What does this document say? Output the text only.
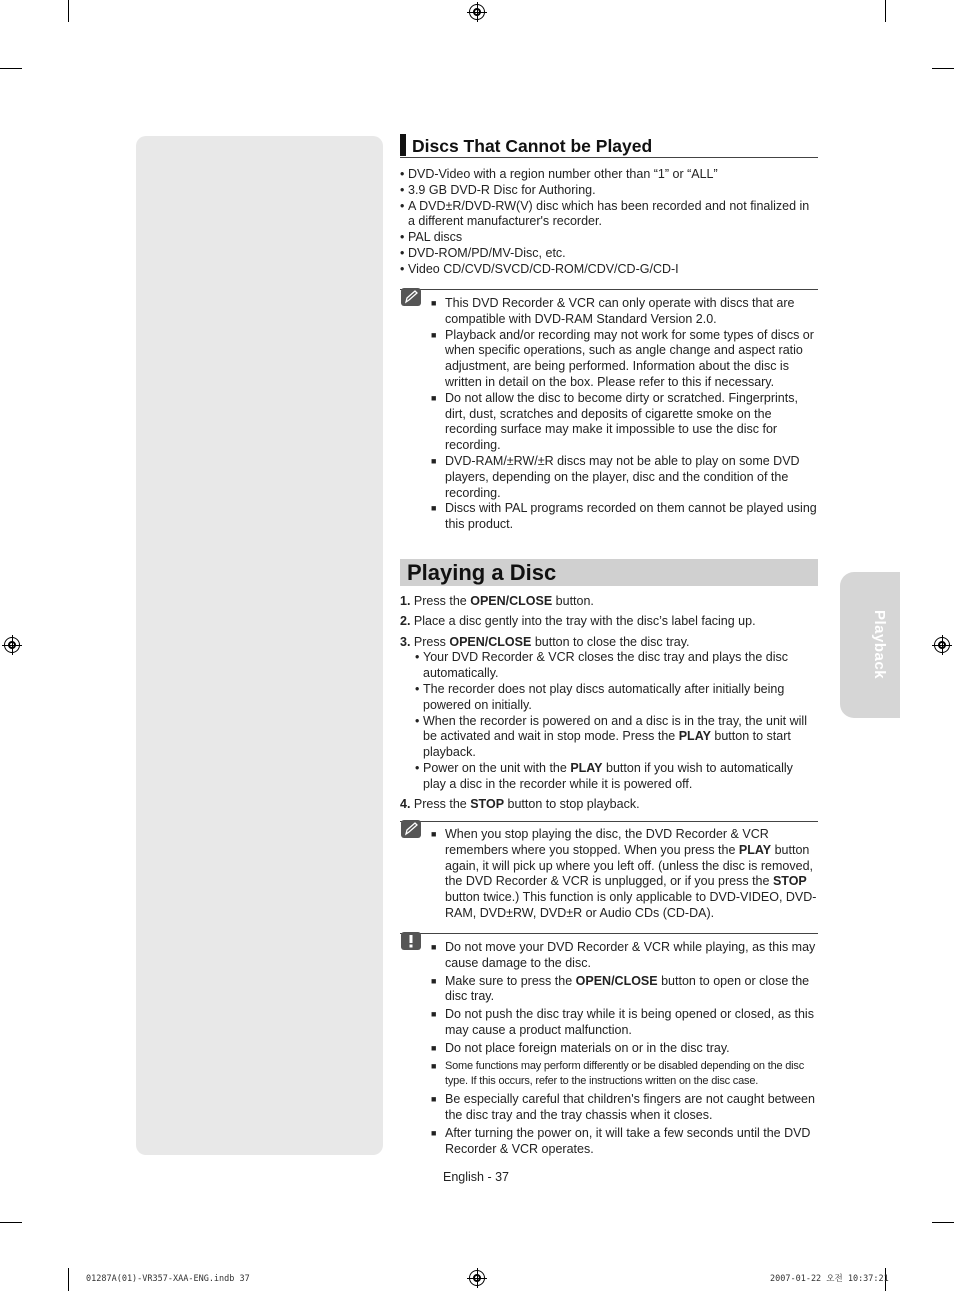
Playback
Discs That Cannot be Played
• DVD-Video with a region number other than “1” or “ALL”
• 3.9 GB DVD-R Disc for Authoring.
• A DVD±R/DVD-RW(V) disc which has been recorded and not finalized in a different manufacturer's recorder.
• PAL discs
• DVD-ROM/PD/MV-Disc, etc.
• Video CD/CVD/SVCD/CD-ROM/CDV/CD-G/CD-I
■ This DVD Recorder & VCR can only operate with discs that are compatible with DVD-RAM Standard Version 2.0.
■ Playback and/or recording may not work for some types of discs or when specific operations, such as angle change and aspect ratio adjustment, are being performed. Information about the disc is written in detail on the box. Please refer to this if necessary.
■ Do not allow the disc to become dirty or scratched. Fingerprints, dirt, dust, scratches and deposits of cigarette smoke on the recording surface may make it impossible to use the disc for recording.
■ DVD-RAM/±RW/±R discs may not be able to play on some DVD players, depending on the player, disc and the condition of the recording.
■ Discs with PAL programs recorded on them cannot be played using this product.
Playing a Disc
1. Press the OPEN/CLOSE button.
2. Place a disc gently into the tray with the disc’s label facing up.
3. Press OPEN/CLOSE button to close the disc tray.
• Your DVD Recorder & VCR closes the disc tray and plays the disc automatically.
• The recorder does not play discs automatically after initially being powered on initially.
• When the recorder is powered on and a disc is in the tray, the unit will be activated and wait in stop mode. Press the PLAY button to start playback.
• Power on the unit with the PLAY button if you wish to automatically play a disc in the recorder while it is powered off.
4. Press the STOP button to stop playback.
■ When you stop playing the disc, the DVD Recorder & VCR remembers where you stopped. When you press the PLAY button again, it will pick up where you left off. (unless the disc is removed, the DVD Recorder & VCR is unplugged, or if you press the STOP button twice.) This function is only applicable to DVD-VIDEO, DVD-RAM, DVD±RW, DVD±R or Audio CDs (CD-DA).
■ Do not move your DVD Recorder & VCR while playing, as this may cause damage to the disc.
■ Make sure to press the OPEN/CLOSE button to open or close the disc tray.
■ Do not push the disc tray while it is being opened or closed, as this may cause a product malfunction.
■ Do not place foreign materials on or in the disc tray.
■ Some functions may perform differently or be disabled depending on the disc type. If this occurs, refer to the instructions written on the disc case.
■ Be especially careful that children's fingers are not caught between the disc tray and the tray chassis when it closes.
■ After turning the power on, it will take a few seconds until the DVD Recorder & VCR operates.
English - 37
01287A(01)-VR357-XAA-ENG.indb 37	2007-01-22 오전 10:37:21
